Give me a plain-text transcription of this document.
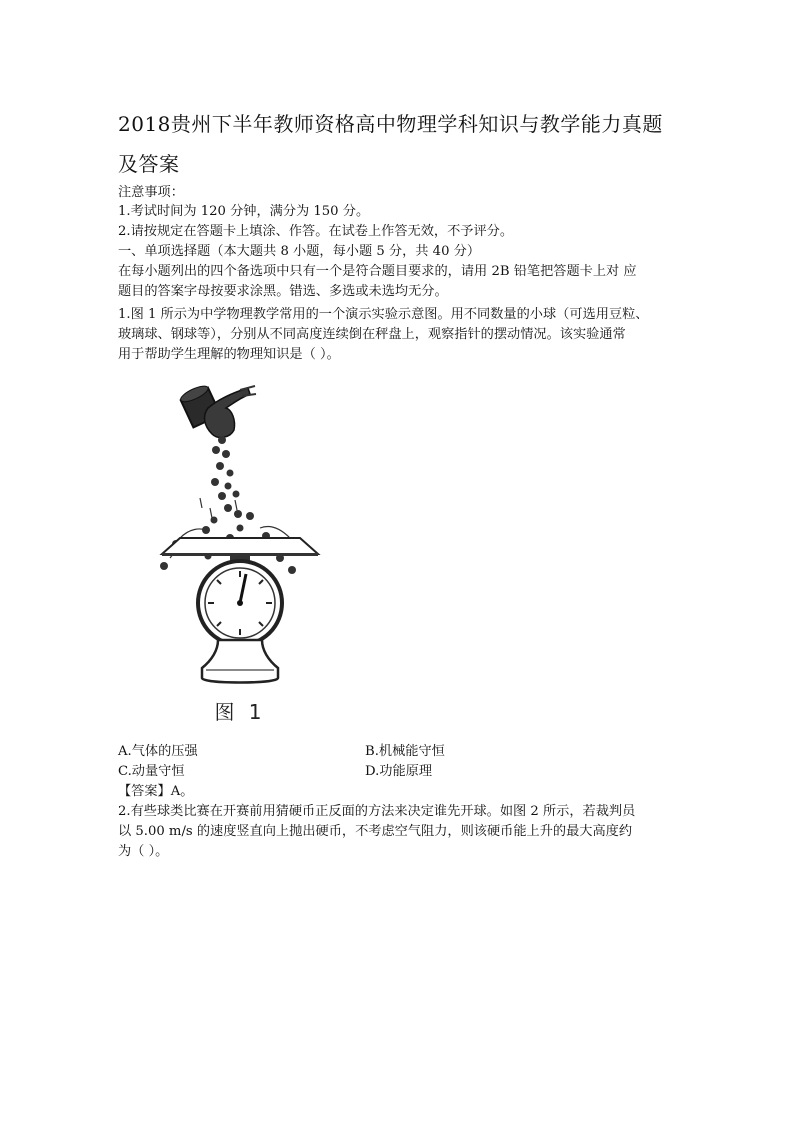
2018贵州下半年教师资格高中物理学科知识与教学能力真题及答案
注意事项：
1.考试时间为 120 分钟，满分为 150 分。
2.请按规定在答题卡上填涂、作答。在试卷上作答无效，不予评分。
一、单项选择题（本大题共 8 小题，每小题 5 分，共 40 分）
在每小题列出的四个备选项中只有一个是符合题目要求的，请用 2B 铅笔把答题卡上对 应
题目的答案字母按要求涂黑。错选、多选或未选均无分。
1.图 1 所示为中学物理教学常用的一个演示实验示意图。用不同数量的小球（可选用豆粒、
玻璃球、钢球等），分别从不同高度连续倒在秤盘上，观察指针的摆动情况。该实验通常
用于帮助学生理解的物理知识是（ ）。
图 1
A.气体的压强	B.机械能守恒
C.动量守恒	D.功能原理
【答案】A。
2.有些球类比赛在开赛前用猜硬币正反面的方法来决定谁先开球。如图 2 所示，若裁判员
以 5.00 m/s 的速度竖直向上抛出硬币，不考虑空气阻力，则该硬币能上升的最大高度约
为（ ）。
